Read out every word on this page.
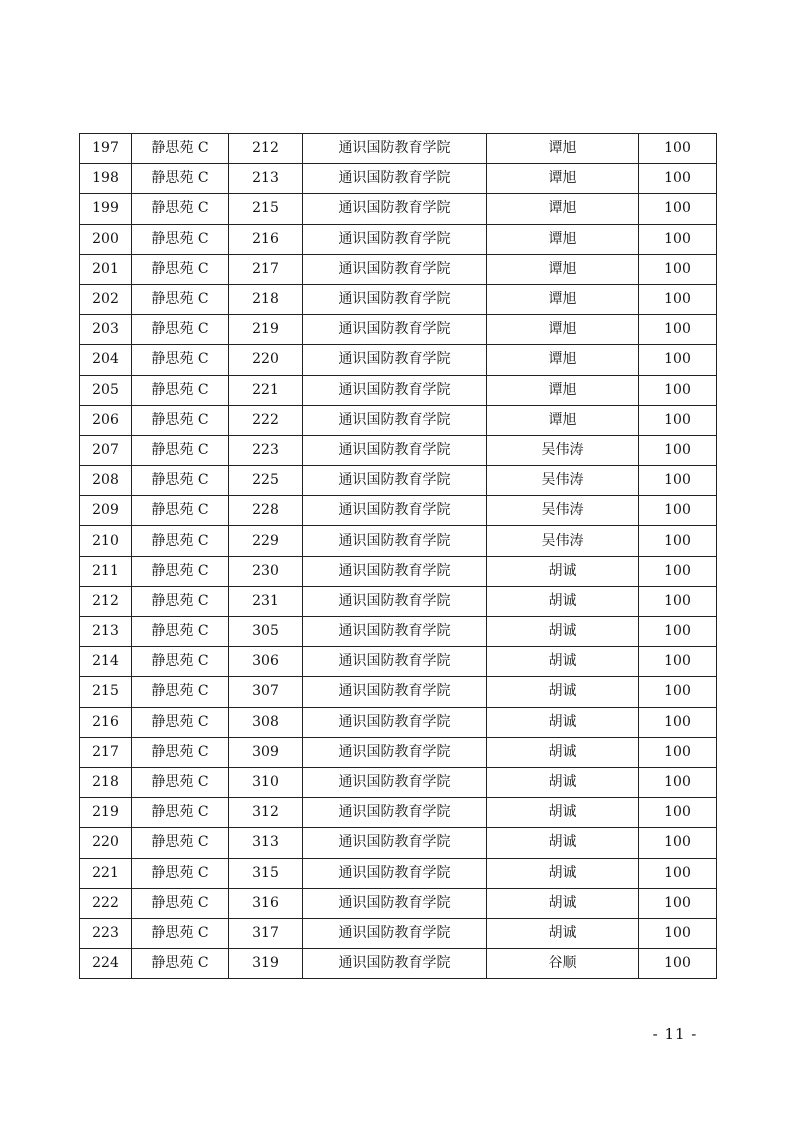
197	静思苑 C	212	通识国防教育学院	谭旭	100
198	静思苑 C	213	通识国防教育学院	谭旭	100
199	静思苑 C	215	通识国防教育学院	谭旭	100
200	静思苑 C	216	通识国防教育学院	谭旭	100
201	静思苑 C	217	通识国防教育学院	谭旭	100
202	静思苑 C	218	通识国防教育学院	谭旭	100
203	静思苑 C	219	通识国防教育学院	谭旭	100
204	静思苑 C	220	通识国防教育学院	谭旭	100
205	静思苑 C	221	通识国防教育学院	谭旭	100
206	静思苑 C	222	通识国防教育学院	谭旭	100
207	静思苑 C	223	通识国防教育学院	吴伟涛	100
208	静思苑 C	225	通识国防教育学院	吴伟涛	100
209	静思苑 C	228	通识国防教育学院	吴伟涛	100
210	静思苑 C	229	通识国防教育学院	吴伟涛	100
211	静思苑 C	230	通识国防教育学院	胡诚	100
212	静思苑 C	231	通识国防教育学院	胡诚	100
213	静思苑 C	305	通识国防教育学院	胡诚	100
214	静思苑 C	306	通识国防教育学院	胡诚	100
215	静思苑 C	307	通识国防教育学院	胡诚	100
216	静思苑 C	308	通识国防教育学院	胡诚	100
217	静思苑 C	309	通识国防教育学院	胡诚	100
218	静思苑 C	310	通识国防教育学院	胡诚	100
219	静思苑 C	312	通识国防教育学院	胡诚	100
220	静思苑 C	313	通识国防教育学院	胡诚	100
221	静思苑 C	315	通识国防教育学院	胡诚	100
222	静思苑 C	316	通识国防教育学院	胡诚	100
223	静思苑 C	317	通识国防教育学院	胡诚	100
224	静思苑 C	319	通识国防教育学院	谷顺	100
- 11 -
